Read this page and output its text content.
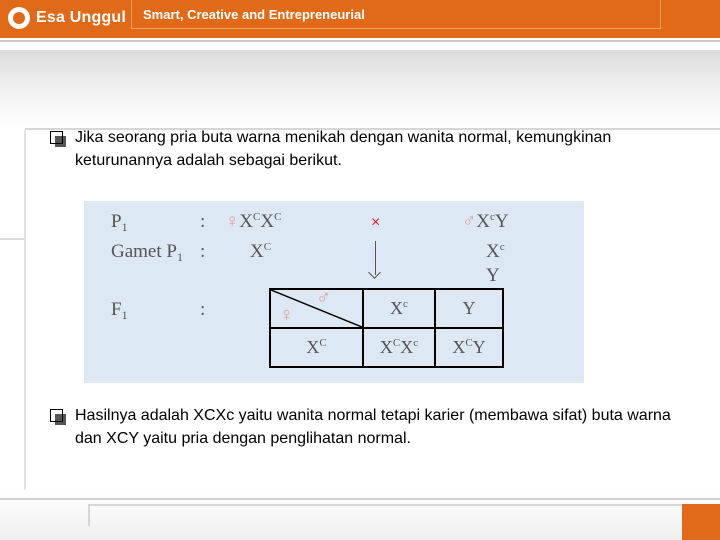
Esa Unggul Smart, Creative and Entrepreneurial
Jika seorang pria buta warna menikah dengan wanita normal, kemungkinan keturunannya adalah sebagai berikut.
$P_1$	: $♀X^CX^C$	×	$♂X^cY$
Gamet $P_1$ : $X^C$	$X^c$
Y
$F_1$	:	♀
♂	$X^c$	Y
$X^C$	$X^CX^c$	$X^CY$
Hasilnya adalah XCXc yaitu wanita normal tetapi karier (membawa sifat) buta warna dan XCY yaitu pria dengan penglihatan normal.
